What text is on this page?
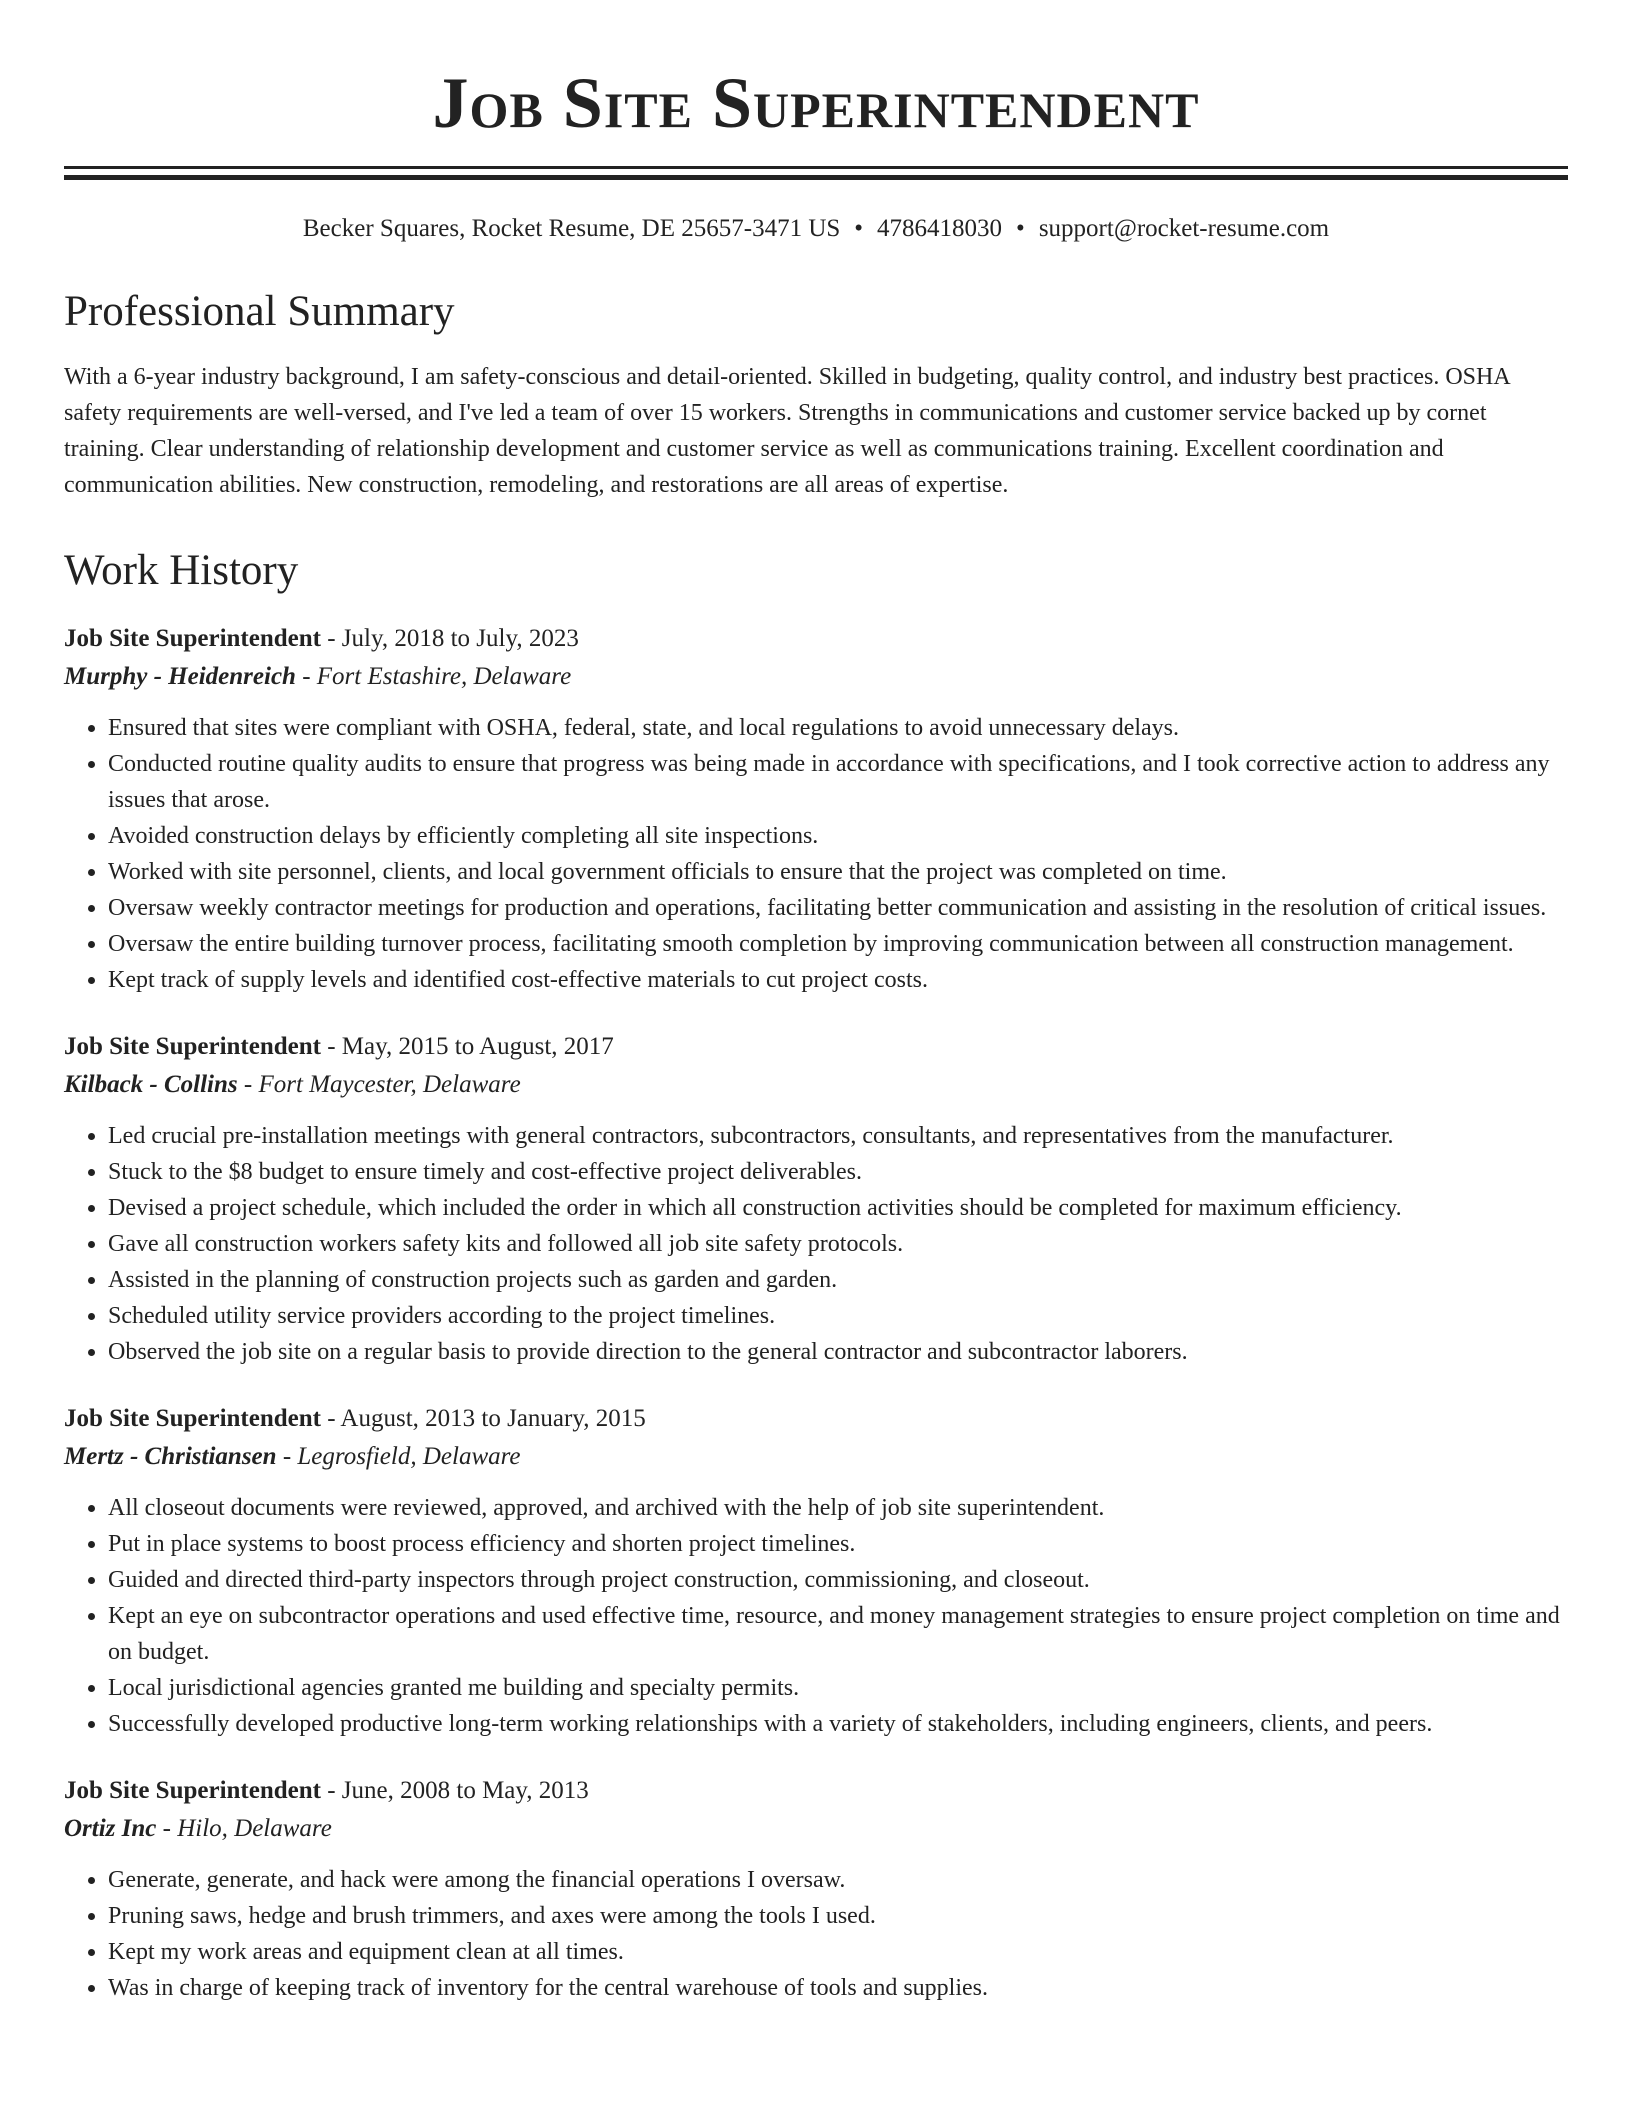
Job Site Superintendent
Becker Squares, Rocket Resume, DE 25657-3471 US • 4786418030 • support@rocket-resume.com
Professional Summary
With a 6-year industry background, I am safety-conscious and detail-oriented. Skilled in budgeting, quality control, and industry best practices. OSHA safety requirements are well-versed, and I've led a team of over 15 workers. Strengths in communications and customer service backed up by cornet training. Clear understanding of relationship development and customer service as well as communications training. Excellent coordination and communication abilities. New construction, remodeling, and restorations are all areas of expertise.
Work History
Job Site Superintendent - July, 2018 to July, 2023
Murphy - Heidenreich - Fort Estashire, Delaware
• Ensured that sites were compliant with OSHA, federal, state, and local regulations to avoid unnecessary delays.
• Conducted routine quality audits to ensure that progress was being made in accordance with specifications, and I took corrective action to address any issues that arose.
• Avoided construction delays by efficiently completing all site inspections.
• Worked with site personnel, clients, and local government officials to ensure that the project was completed on time.
• Oversaw weekly contractor meetings for production and operations, facilitating better communication and assisting in the resolution of critical issues.
• Oversaw the entire building turnover process, facilitating smooth completion by improving communication between all construction management.
• Kept track of supply levels and identified cost-effective materials to cut project costs.
Job Site Superintendent - May, 2015 to August, 2017
Kilback - Collins - Fort Maycester, Delaware
• Led crucial pre-installation meetings with general contractors, subcontractors, consultants, and representatives from the manufacturer.
• Stuck to the $8 budget to ensure timely and cost-effective project deliverables.
• Devised a project schedule, which included the order in which all construction activities should be completed for maximum efficiency.
• Gave all construction workers safety kits and followed all job site safety protocols.
• Assisted in the planning of construction projects such as garden and garden.
• Scheduled utility service providers according to the project timelines.
• Observed the job site on a regular basis to provide direction to the general contractor and subcontractor laborers.
Job Site Superintendent - August, 2013 to January, 2015
Mertz - Christiansen - Legrosfield, Delaware
• All closeout documents were reviewed, approved, and archived with the help of job site superintendent.
• Put in place systems to boost process efficiency and shorten project timelines.
• Guided and directed third-party inspectors through project construction, commissioning, and closeout.
• Kept an eye on subcontractor operations and used effective time, resource, and money management strategies to ensure project completion on time and on budget.
• Local jurisdictional agencies granted me building and specialty permits.
• Successfully developed productive long-term working relationships with a variety of stakeholders, including engineers, clients, and peers.
Job Site Superintendent - June, 2008 to May, 2013
Ortiz Inc - Hilo, Delaware
• Generate, generate, and hack were among the financial operations I oversaw.
• Pruning saws, hedge and brush trimmers, and axes were among the tools I used.
• Kept my work areas and equipment clean at all times.
• Was in charge of keeping track of inventory for the central warehouse of tools and supplies.
